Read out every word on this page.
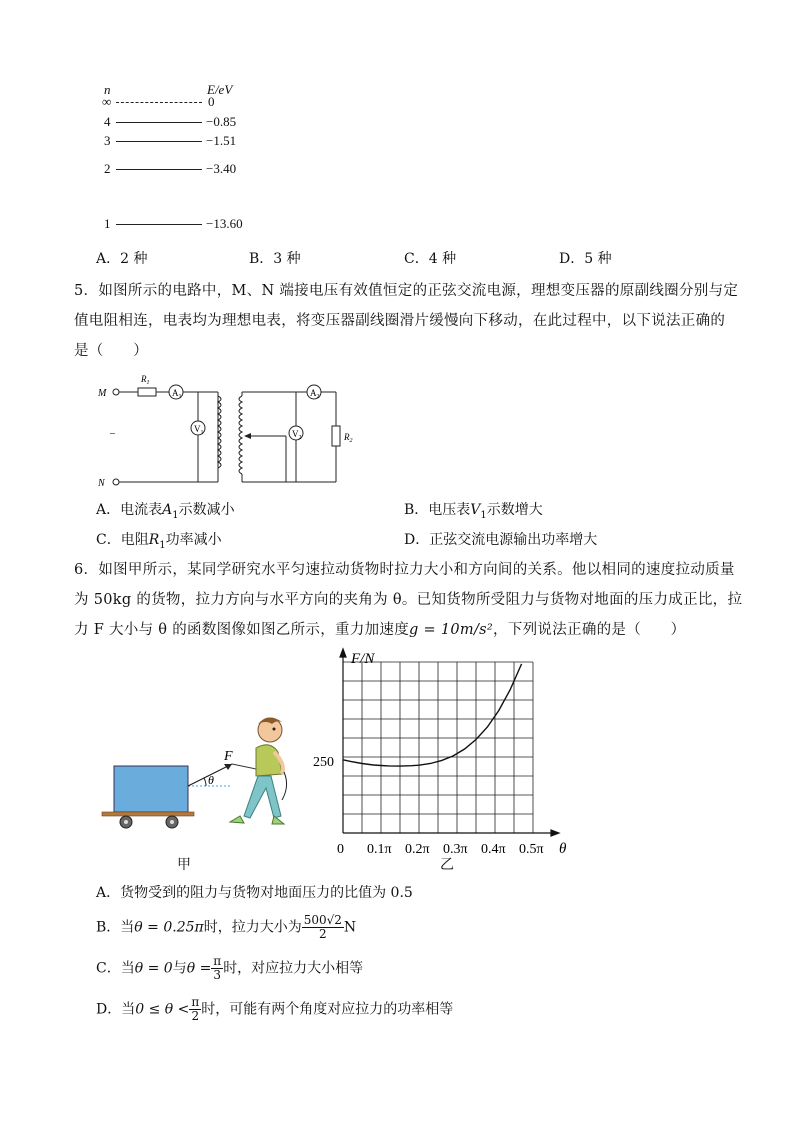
n	E/eV
∞	0
4	−0.85
3	−1.51
2	−3.40
1	−13.60
A．2 种	B．3 种	C．4 种	D．5 种
5．如图所示的电路中，M、N 端接电压有效值恒定的正弦交流电源，理想变压器的原副线圈分别与定
值电阻相连，电表均为理想电表，将变压器副线圈滑片缓慢向下移动，在此过程中，以下说法正确的
是（　　）
M
N
–
$R_1$
$A_1$
$V_1$
$A_2$
$V_2$	$R_2$
A．电流表$A_1$示数减小	B．电压表$V_1$示数增大
C．电阻$R_1$功率减小	D．正弦交流电源输出功率增大
6．如图甲所示，某同学研究水平匀速拉动货物时拉力大小和方向间的关系。他以相同的速度拉动质量
为 50kg 的货物，拉力方向与水平方向的夹角为 θ。已知货物所受阻力与货物对地面的压力成正比，拉
力 F 大小与 θ 的函数图像如图乙所示，重力加速度g = 10m/s²，下列说法正确的是（　　）
F
θ
甲
F/N
θ
0
250
0.1π 0.2π 0.3π 0.4π 0.5π
乙
A．货物受到的阻力与货物对地面压力的比值为 0.5
B．当θ = 0.25π时，拉力大小为 $\frac{500√2}{2}$ N
C．当θ = 0与$\theta = \frac{\pi}{3}$ 时，对应拉力大小相等
D．当$0 \le \theta < \frac{\pi}{2}$ 时，可能有两个角度对应拉力的功率相等
